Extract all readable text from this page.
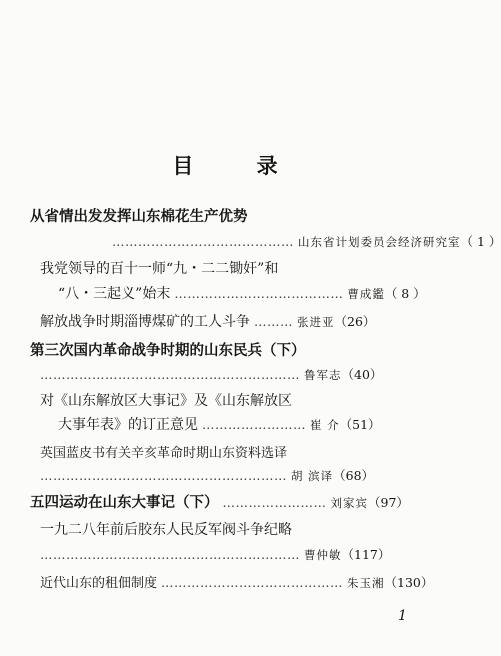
目 录
从省情出发发挥山东棉花生产优势
…………………………………… 山东省计划委员会经济研究室 （ 1 ）
我党领导的百十一师“九・二二锄奸”和
“八・三起义”始末 ………………………………… 曹成鑑 （ 8 ）
解放战争时期淄博煤矿的工人斗争 ……… 张进亚 （26）
第三次国内革命战争时期的山东民兵（下）
…………………………………………………… 鲁军志 （40）
对《山东解放区大事记》及《山东解放区
大事年表》的订正意见 …………………… 崔 介 （51）
英国蓝皮书有关辛亥革命时期山东资料选译
………………………………………………… 胡 滨译 （68）
五四运动在山东大事记（下） …………………… 刘家宾 （97）
一九二八年前后胶东人民反军阀斗争纪略
…………………………………………………… 曹仲敏 （117）
近代山东的租佃制度 …………………………………… 朱玉湘 （130）
1
